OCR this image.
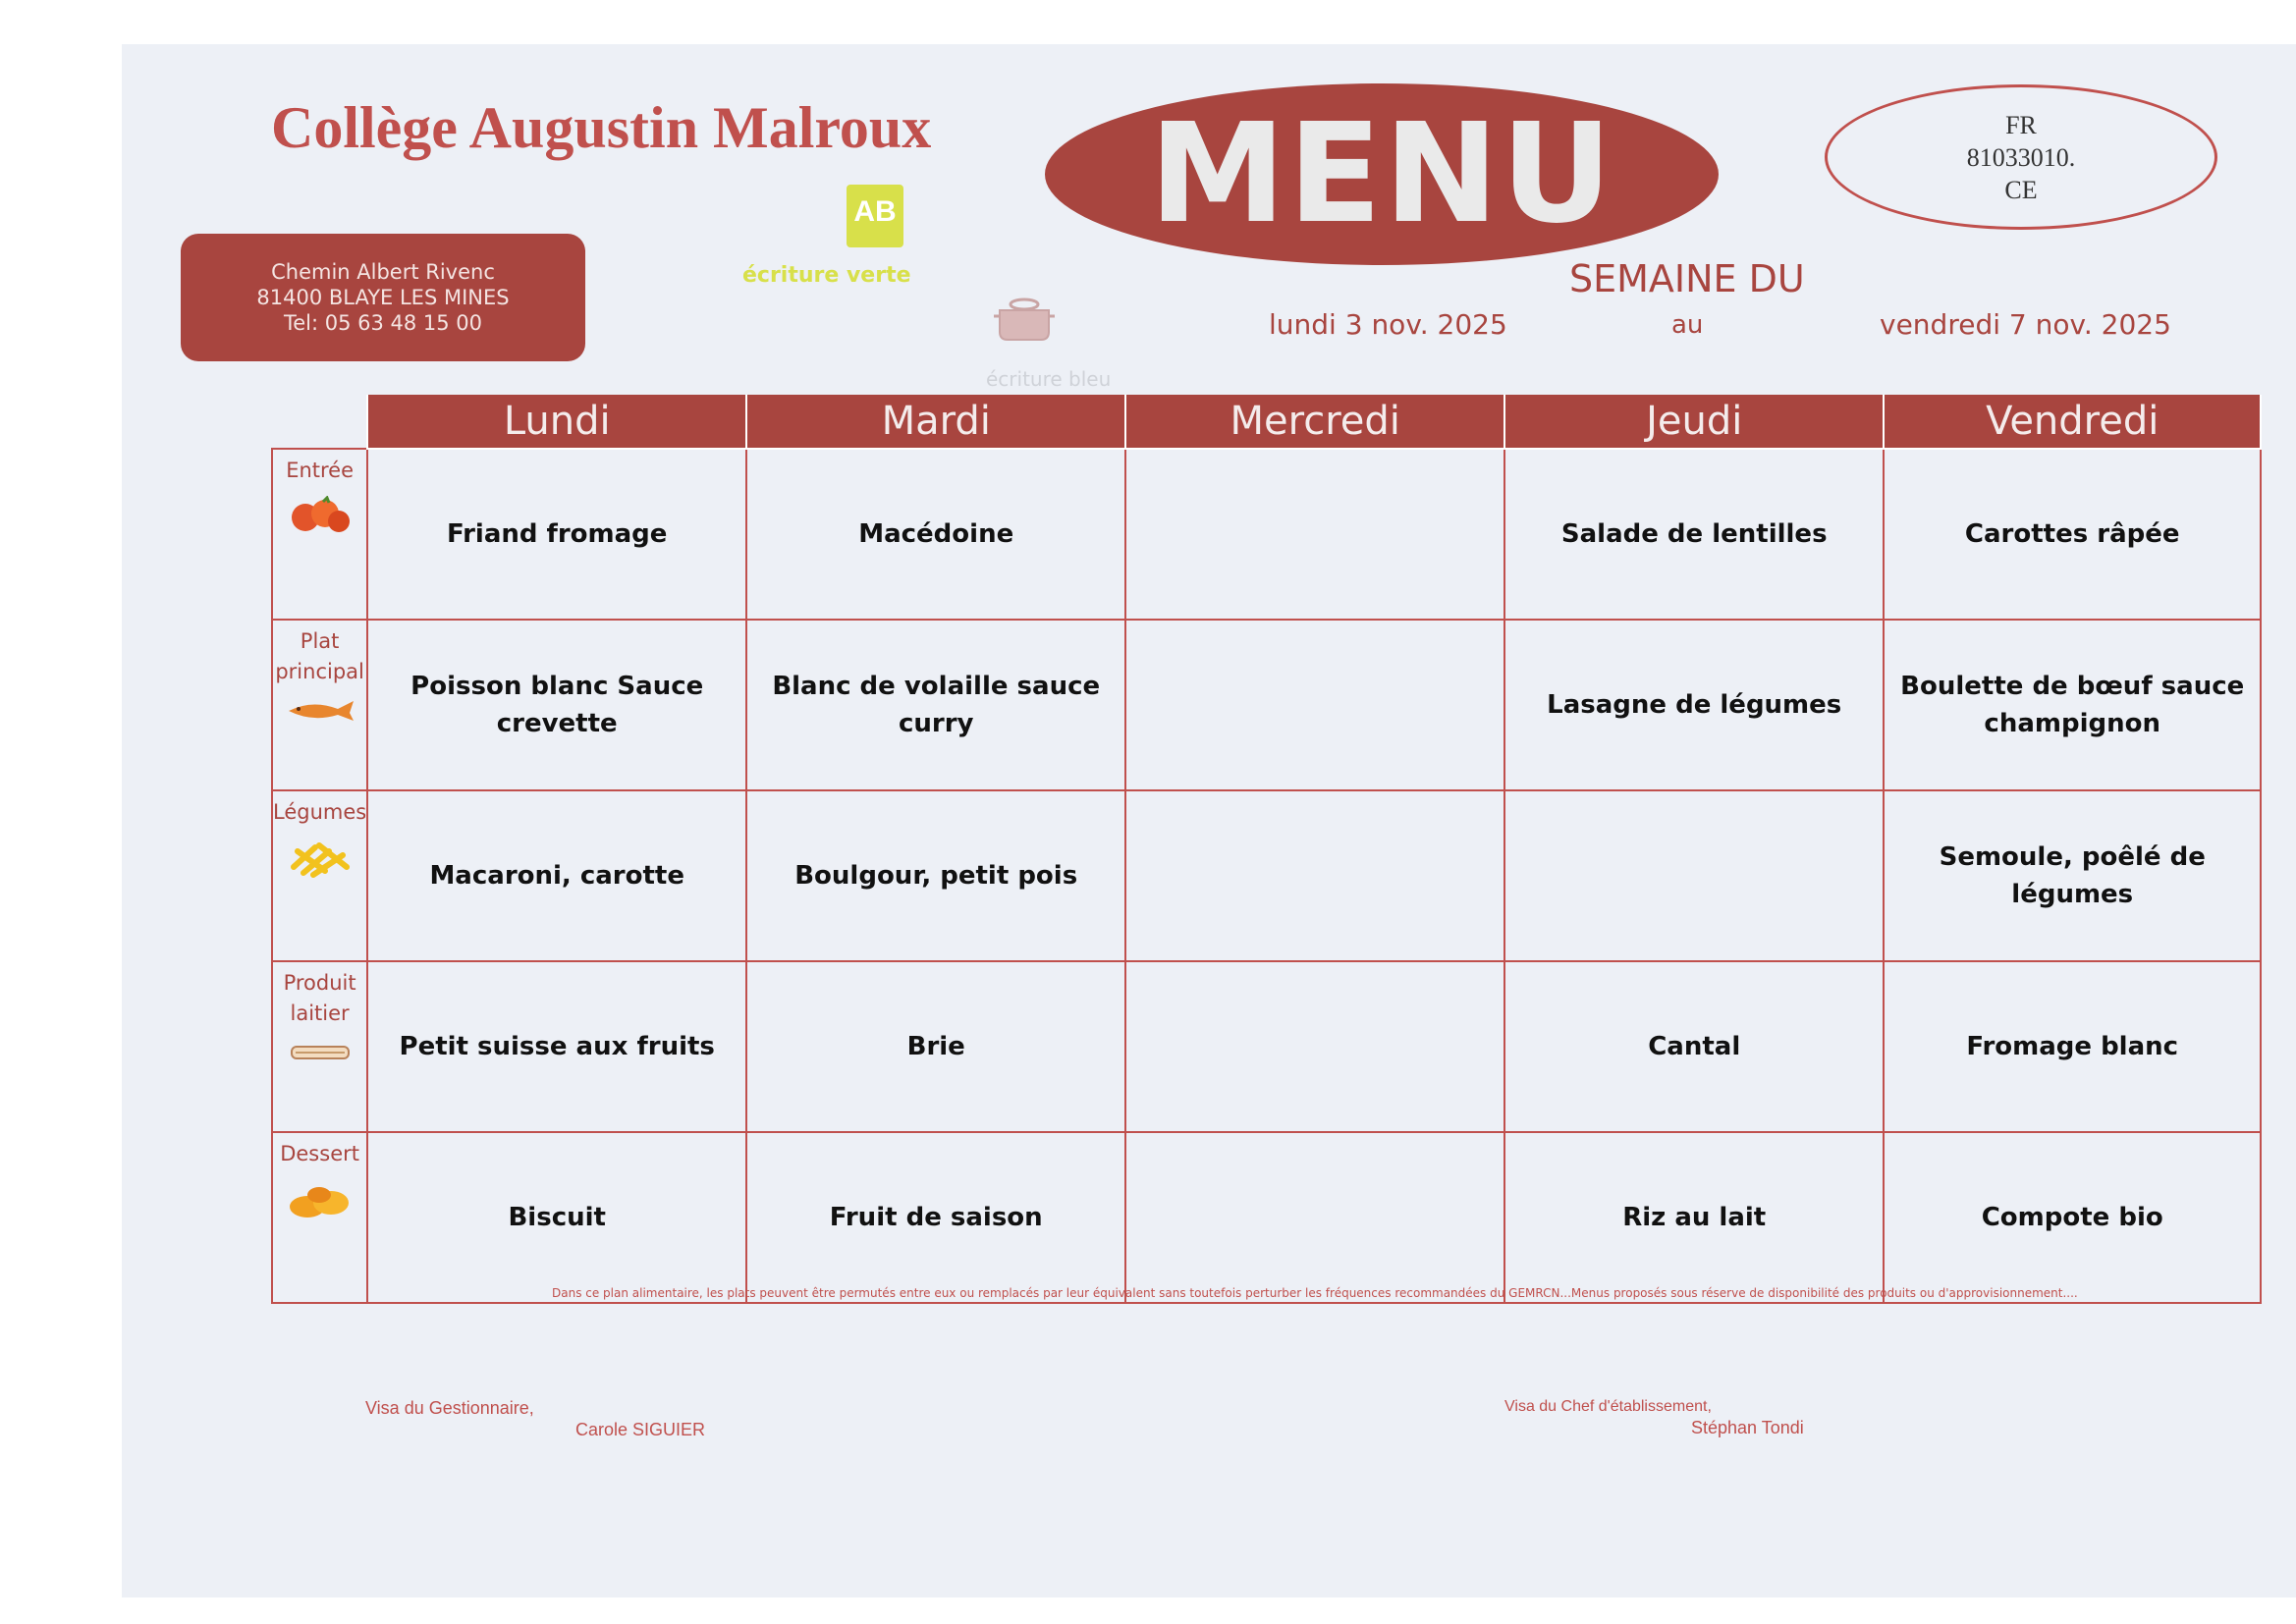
Collège Augustin Malroux
Chemin Albert Rivenc
81400 BLAYE LES MINES
Tel: 05 63 48 15 00
AB
écriture verte
écriture bleu
MENU	FR
81033010.
CE
SEMAINE DU
lundi 3 nov. 2025	au	vendredi 7 nov. 2025
	Lundi	Mardi	Mercredi	Jeudi	Vendredi

Entrée	Friand fromage	Macédoine		Salade de lentilles	Carottes râpée

Plat
principal	Poisson blanc Sauce crevette	Blanc de volaille sauce curry		Lasagne de légumes	Boulette de bœuf sauce champignon

Légumes	Macaroni, carotte	Boulgour, petit pois			Semoule, poêlé de légumes

Produit
laitier	Petit suisse aux fruits	Brie		Cantal	Fromage blanc

Dessert	Biscuit	Fruit de saison		Riz au lait	Compote bio
Dans ce plan alimentaire, les plats peuvent être permutés entre eux ou remplacés par leur équivalent sans toutefois perturber les fréquences recommandées du GEMRCN...Menus proposés sous réserve de disponibilité des produits ou d'approvisionnement....
Visa du Gestionnaire,
Carole SIGUIER
Visa du Chef d'établissement,
Stéphan Tondi
